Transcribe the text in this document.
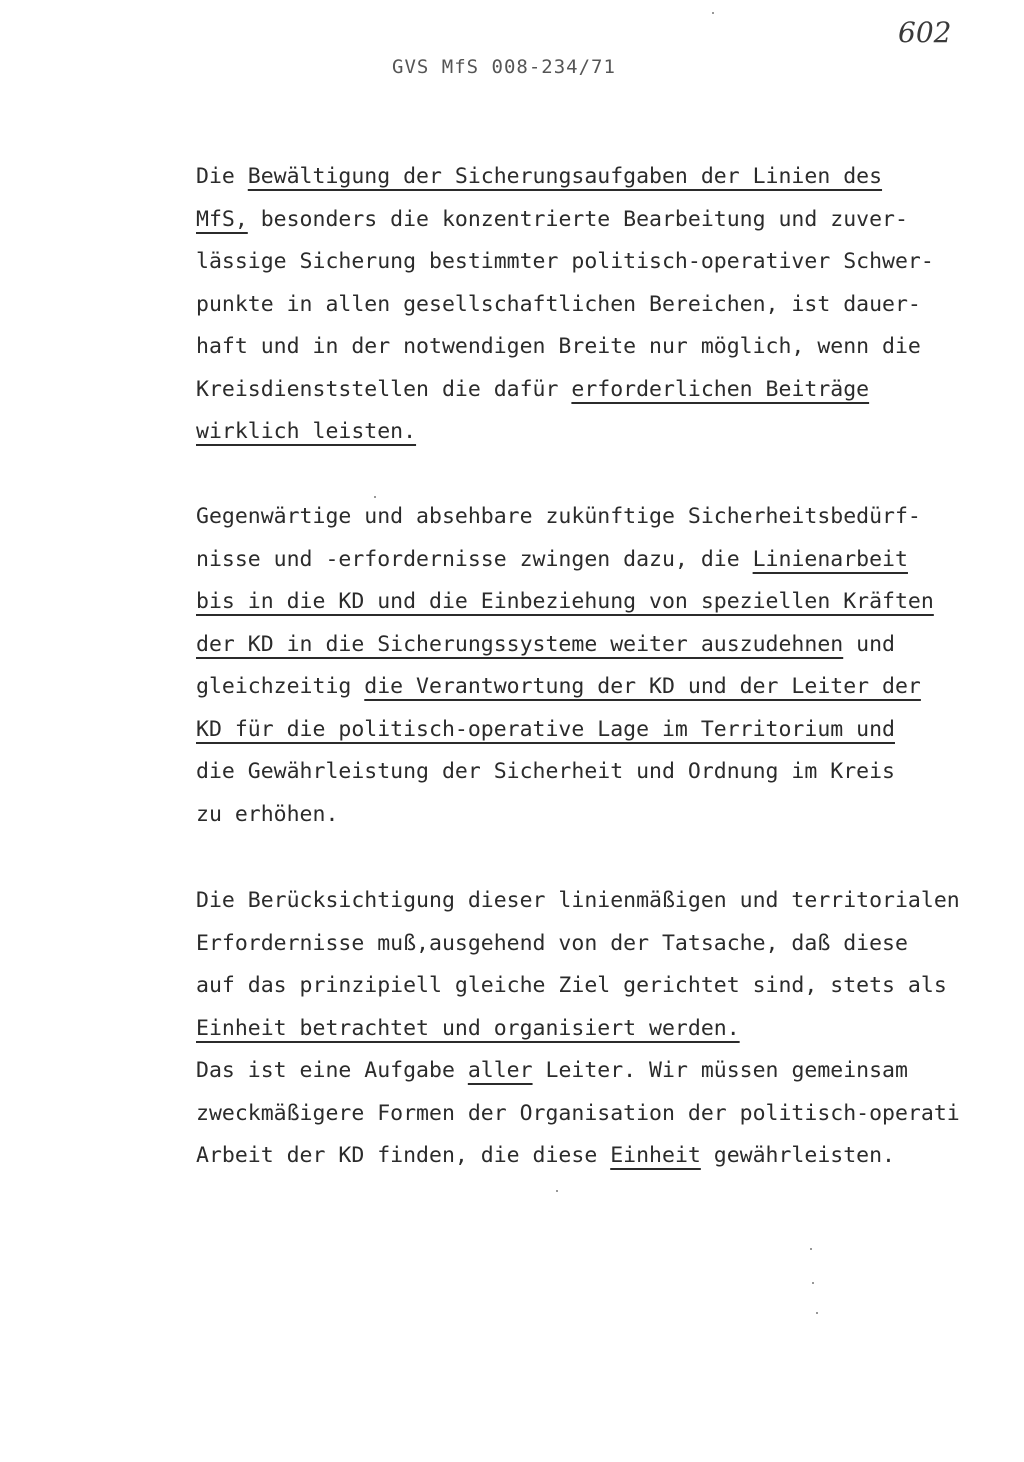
602
GVS MfS 008-234/71
Die Bewältigung der Sicherungsaufgaben der Linien des
MfS, besonders die konzentrierte Bearbeitung und zuver-
lässige Sicherung bestimmter politisch-operativer Schwer-
punkte in allen gesellschaftlichen Bereichen, ist dauer-
haft und in der notwendigen Breite nur möglich, wenn die
Kreisdienststellen die dafür erforderlichen Beiträge
wirklich leisten.
Gegenwärtige und absehbare zukünftige Sicherheitsbedürf-
nisse und -erfordernisse zwingen dazu, die Linienarbeit
bis in die KD und die Einbeziehung von speziellen Kräften
der KD in die Sicherungssysteme weiter auszudehnen und
gleichzeitig die Verantwortung der KD und der Leiter der
KD für die politisch-operative Lage im Territorium und
die Gewährleistung der Sicherheit und Ordnung im Kreis
zu erhöhen.
Die Berücksichtigung dieser linienmäßigen und territorialen
Erfordernisse muß,ausgehend von der Tatsache, daß diese
auf das prinzipiell gleiche Ziel gerichtet sind, stets als
Einheit betrachtet und organisiert werden.
Das ist eine Aufgabe aller Leiter. Wir müssen gemeinsam
zweckmäßigere Formen der Organisation der politisch-operati
Arbeit der KD finden, die diese Einheit gewährleisten.
